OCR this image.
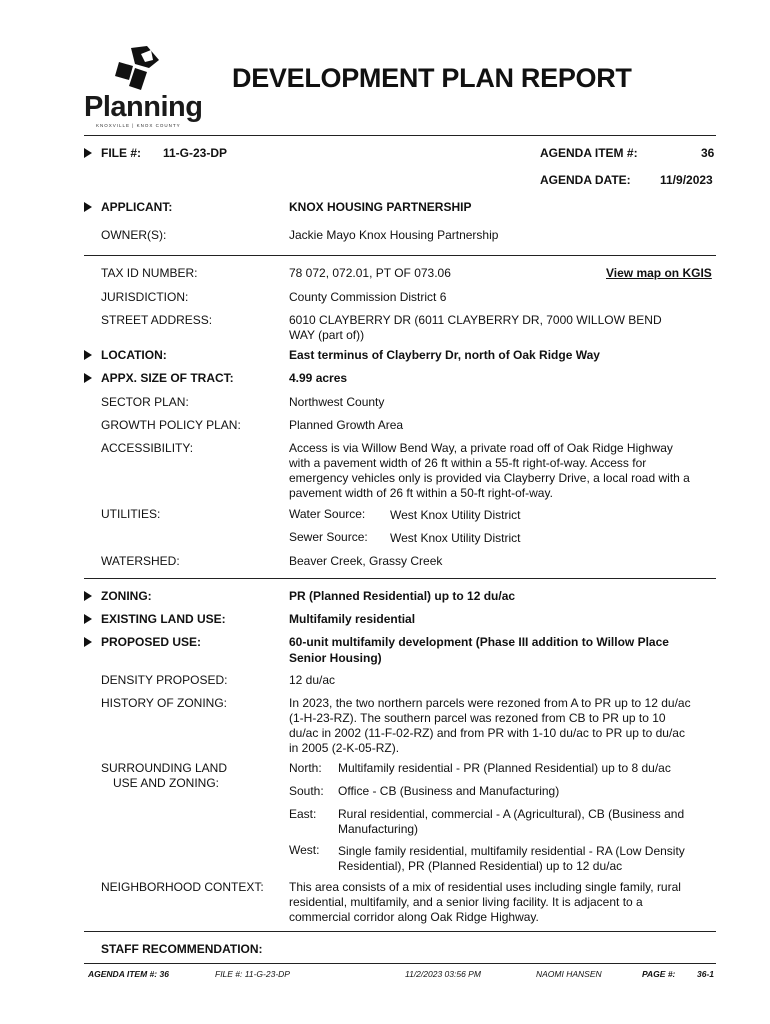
Planning
KNOXVILLE | KNOX COUNTY
DEVELOPMENT PLAN REPORT
FILE #: 11-G-23-DP	AGENDA ITEM #:	36
AGENDA DATE: 11/9/2023
APPLICANT:	KNOX HOUSING PARTNERSHIP
OWNER(S):	Jackie Mayo Knox Housing Partnership
TAX ID NUMBER:	78 072, 072.01, PT OF 073.06	View map on KGIS
JURISDICTION:	County Commission District 6
STREET ADDRESS:	6010 CLAYBERRY DR (6011 CLAYBERRY DR, 7000 WILLOW BEND
WAY (part of))
LOCATION:	East terminus of Clayberry Dr, north of Oak Ridge Way
APPX. SIZE OF TRACT:	4.99 acres
SECTOR PLAN:	Northwest County
GROWTH POLICY PLAN:	Planned Growth Area
ACCESSIBILITY:	Access is via Willow Bend Way, a private road off of Oak Ridge Highway
with a pavement width of 26 ft within a 55-ft right-of-way. Access for
emergency vehicles only is provided via Clayberry Drive, a local road with a
pavement width of 26 ft within a 50-ft right-of-way.
UTILITIES:	Water Source: West Knox Utility District
Sewer Source: West Knox Utility District
WATERSHED:	Beaver Creek, Grassy Creek
ZONING:	PR (Planned Residential) up to 12 du/ac
EXISTING LAND USE:	Multifamily residential
PROPOSED USE:	60-unit multifamily development (Phase III addition to Willow Place
Senior Housing)
DENSITY PROPOSED:	12 du/ac
HISTORY OF ZONING:	In 2023, the two northern parcels were rezoned from A to PR up to 12 du/ac
(1-H-23-RZ). The southern parcel was rezoned from CB to PR up to 10
du/ac in 2002 (11-F-02-RZ) and from PR with 1-10 du/ac to PR up to du/ac
in 2005 (2-K-05-RZ).
SURROUNDING LAND
USE AND ZONING:
North: Multifamily residential - PR (Planned Residential) up to 8 du/ac
South: Office - CB (Business and Manufacturing)
East: Rural residential, commercial - A (Agricultural), CB (Business and
Manufacturing)
West: Single family residential, multifamily residential - RA (Low Density
Residential), PR (Planned Residential) up to 12 du/ac
NEIGHBORHOOD CONTEXT: This area consists of a mix of residential uses including single family, rural
residential, multifamily, and a senior living facility. It is adjacent to a
commercial corridor along Oak Ridge Highway.
STAFF RECOMMENDATION:
AGENDA ITEM #: 36	FILE #: 11-G-23-DP	11/2/2023 03:56 PM	NAOMI HANSEN	PAGE #:	36-1
